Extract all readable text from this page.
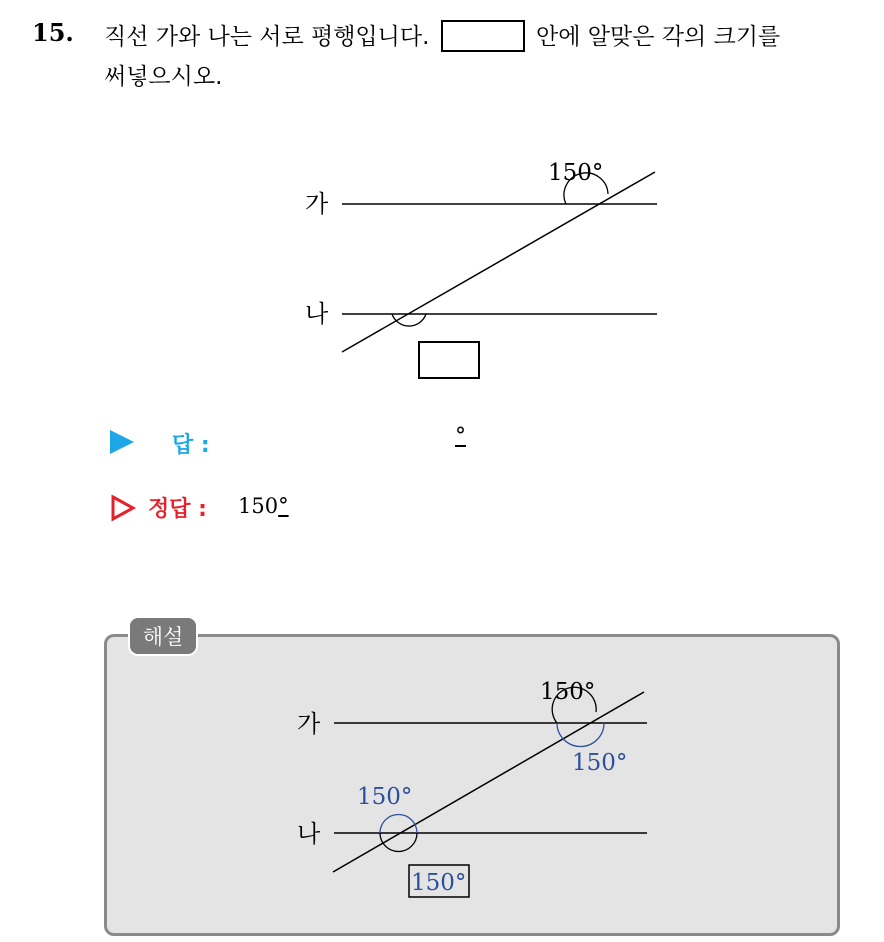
15. 직선 가와 나는 서로 평행입니다.	안에 알맞은 각의 크기를
써넣으시오.
가
나
150°
답 :	°
정답 : 150°
해설
가
나
150°
150°
150°
150°
